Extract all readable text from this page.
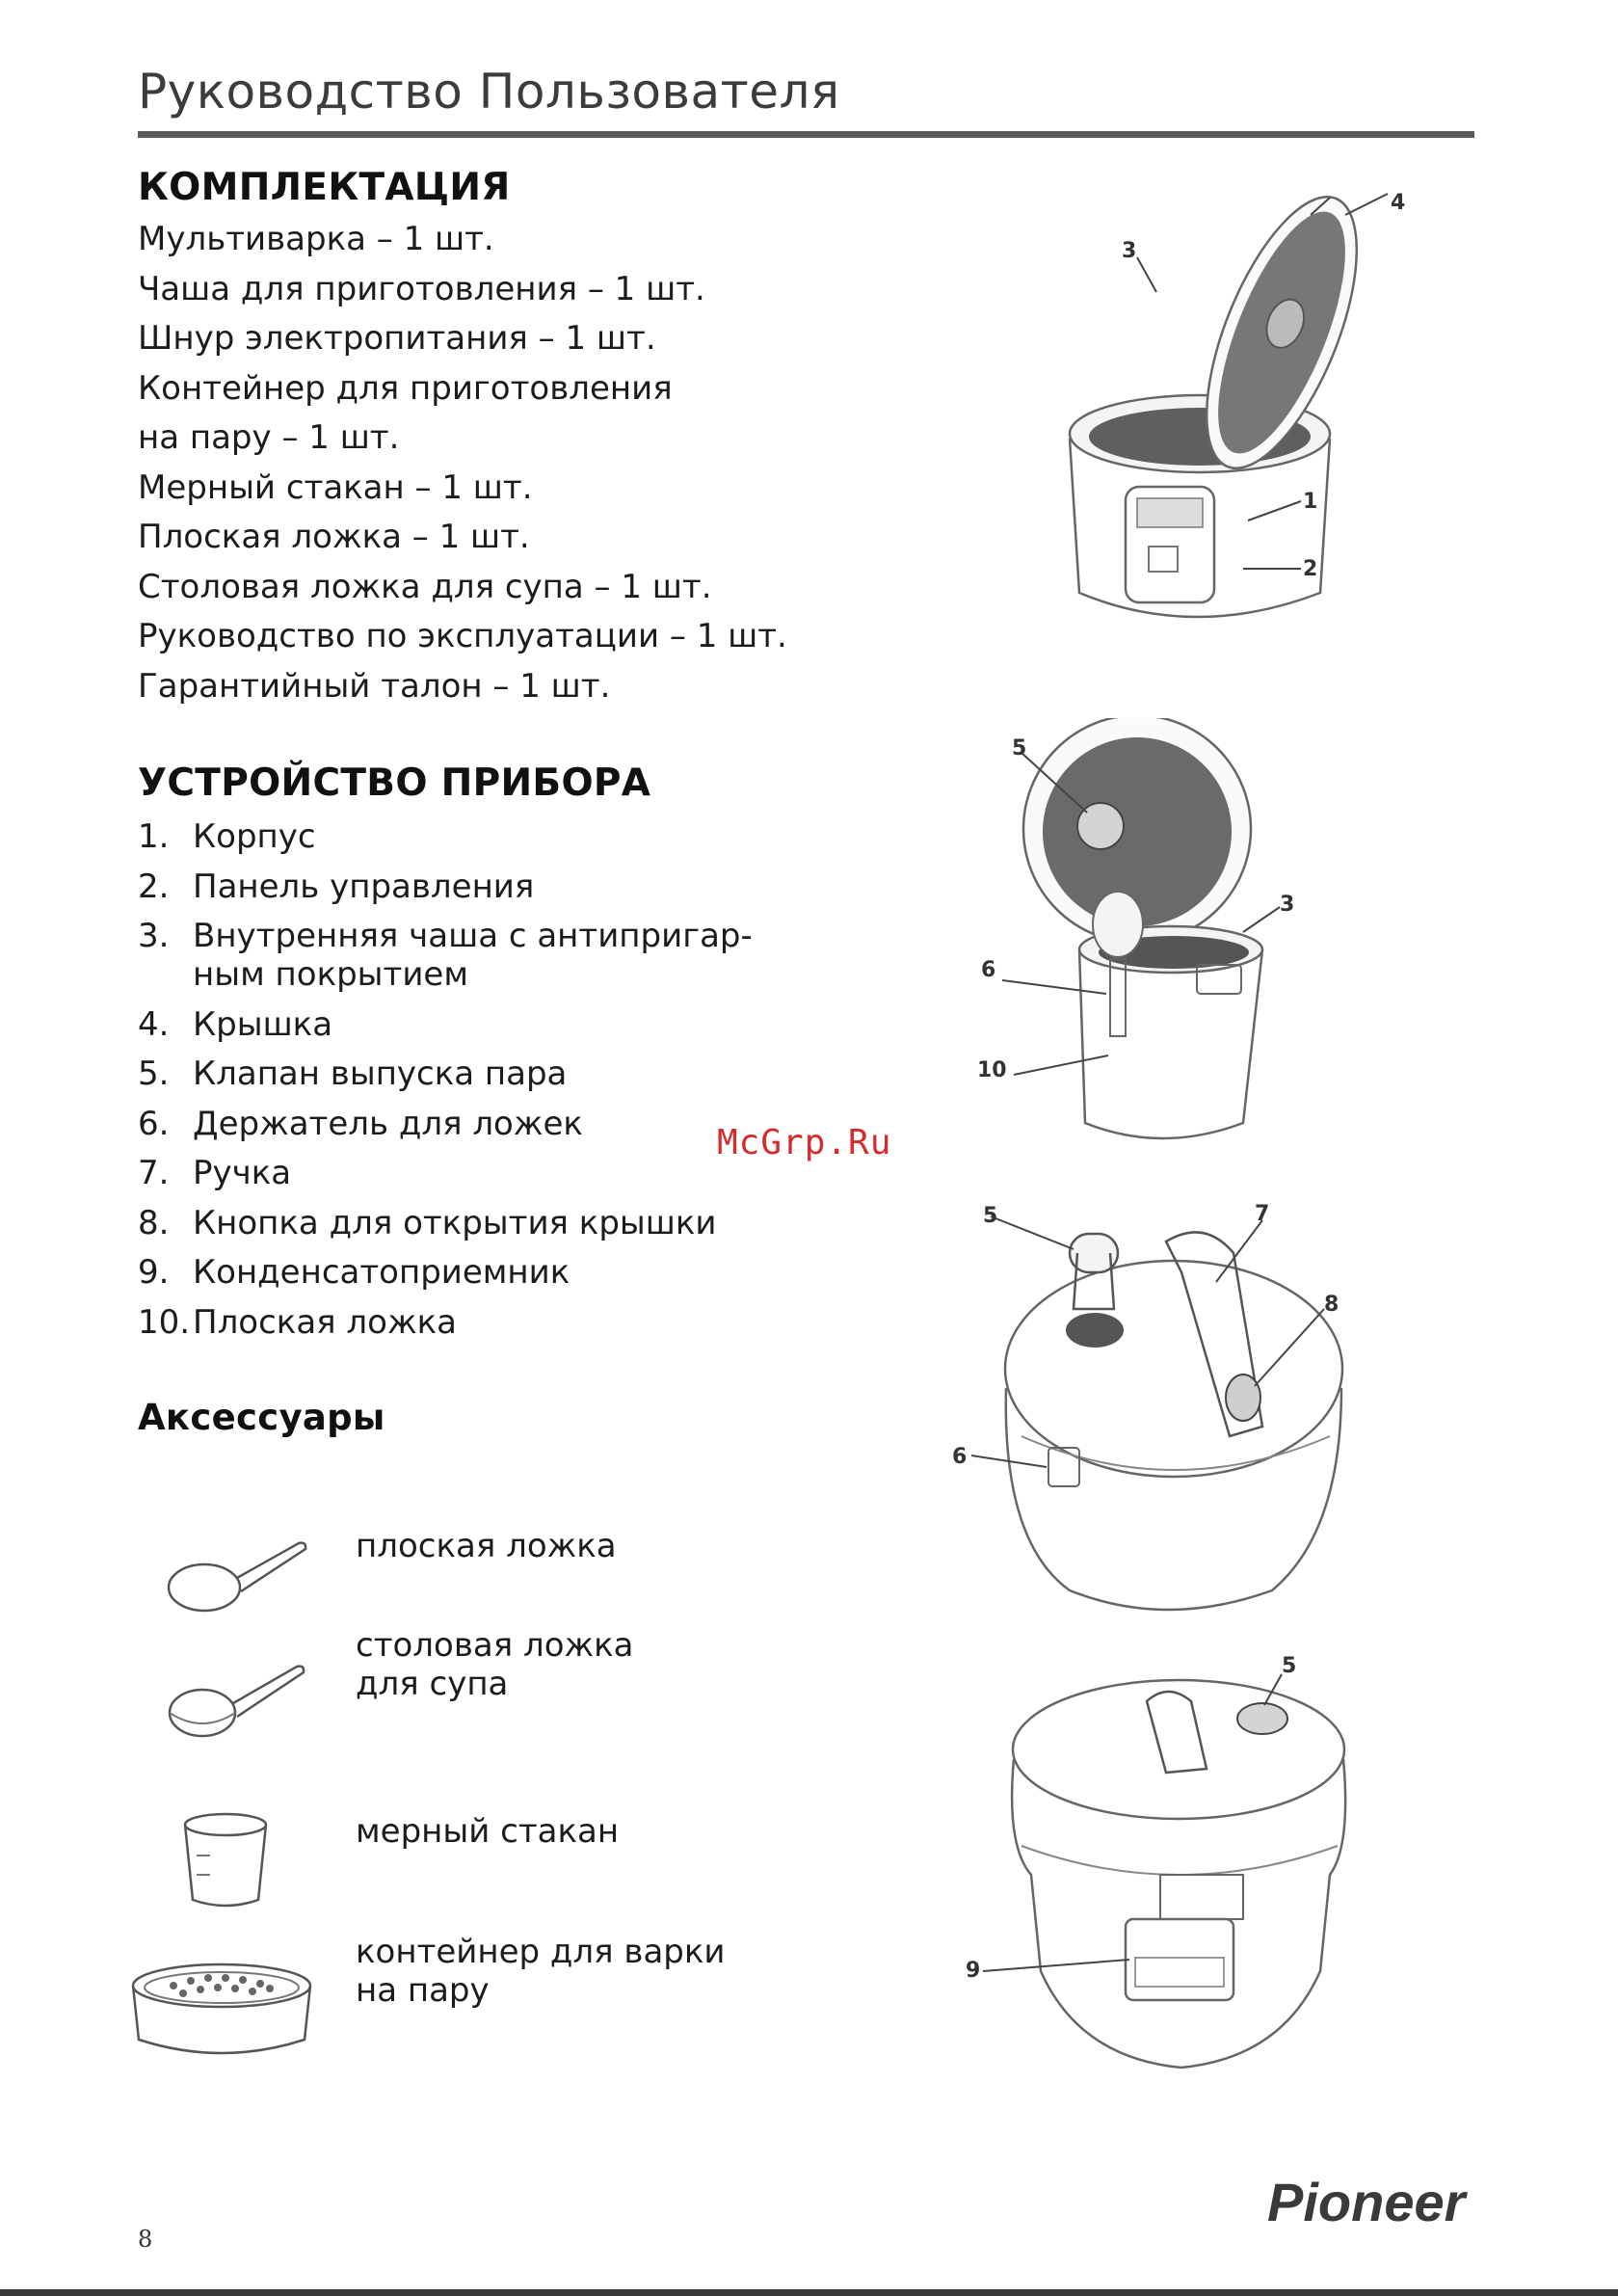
Руководство Пользователя
КОМПЛЕКТАЦИЯ
Мультиварка – 1 шт.
Чаша для приготовления – 1 шт.
Шнур электропитания – 1 шт.
Контейнер для приготовления
на пару – 1 шт.
Мерный стакан – 1 шт.
Плоская ложка – 1 шт.
Столовая ложка для супа – 1 шт.
Руководство по эксплуатации – 1 шт.
Гарантийный талон – 1 шт.
УСТРОЙСТВО ПРИБОРА
1. Корпус
2. Панель управления
3. Внутренняя чаша с антипригар-
ным покрытием
4. Крышка
5. Клапан выпуска пара
6. Держатель для ложек
7. Ручка
8. Кнопка для открытия крышки
9. Конденсатоприемник
10. Плоская ложка
Аксессуары
плоская ложка
столовая ложка
для супа
мерный стакан
контейнер для варки
на пару
4
3
1
2
5
3
6
10
McGrp.Ru
5	7
8
6
5
9
Pioneer
8
